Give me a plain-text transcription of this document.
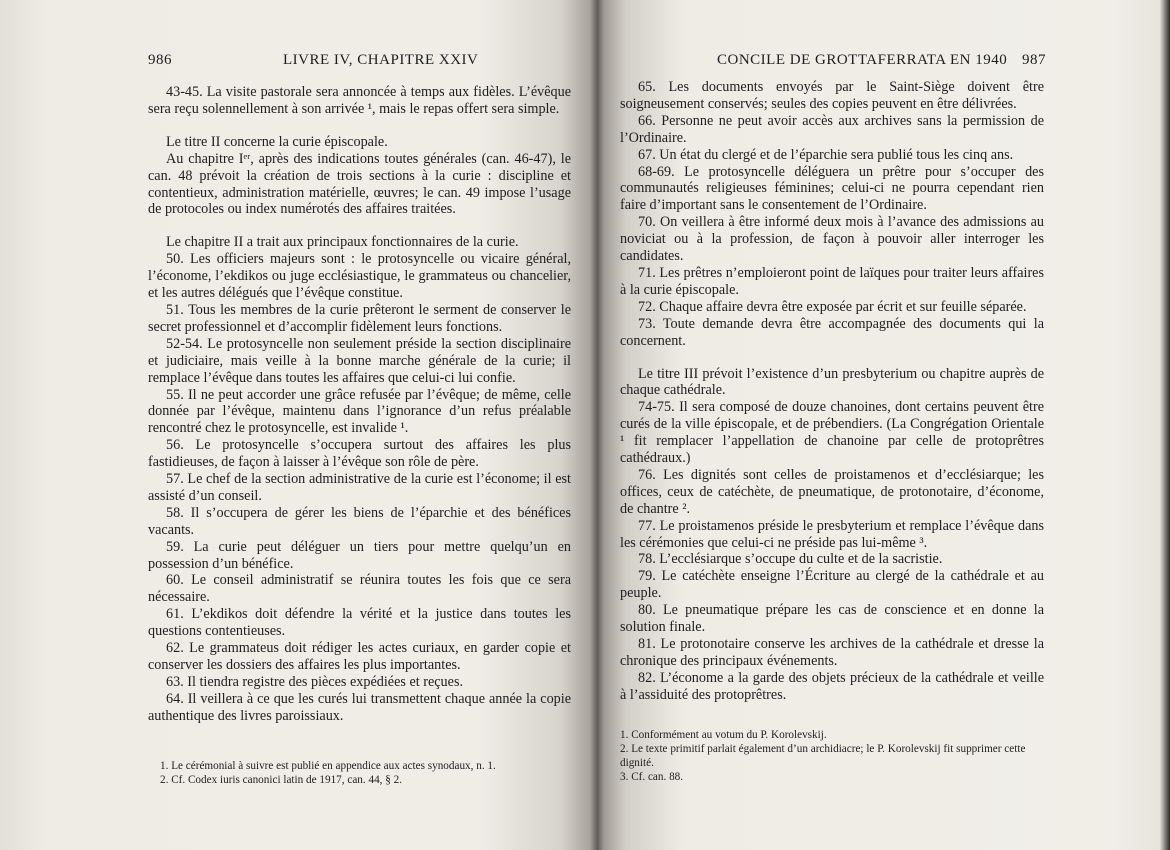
986	LIVRE IV, CHAPITRE XXIV

43-45. La visite pastorale sera annoncée à temps aux fidèles. L’évêque sera reçu solennellement à son arrivée ¹, mais le repas offert sera simple.

Le titre II concerne la curie épiscopale.

Au chapitre Iᵉʳ, après des indications toutes générales (can. 46-47), le can. 48 prévoit la création de trois sections à la curie : discipline et contentieux, administration matérielle, œuvres; le can. 49 impose l’usage de protocoles ou index numérotés des affaires traitées.

Le chapitre II a trait aux principaux fonctionnaires de la curie.

50. Les officiers majeurs sont : le protosyncelle ou vicaire général, l’économe, l’ekdikos ou juge ecclésiastique, le grammateus ou chancelier, et les autres délégués que l’évêque constitue.

51. Tous les membres de la curie prêteront le serment de conserver le secret professionnel et d’accomplir fidèlement leurs fonctions.

52-54. Le protosyncelle non seulement préside la section disciplinaire et judiciaire, mais veille à la bonne marche générale de la curie; il remplace l’évêque dans toutes les affaires que celui-ci lui confie.

55. Il ne peut accorder une grâce refusée par l’évêque; de même, celle donnée par l’évêque, maintenu dans l’ignorance d’un refus préalable rencontré chez le protosyncelle, est invalide ¹.

56. Le protosyncelle s’occupera surtout des affaires les plus fastidieuses, de façon à laisser à l’évêque son rôle de père.

57. Le chef de la section administrative de la curie est l’économe; il est assisté d’un conseil.

58. Il s’occupera de gérer les biens de l’éparchie et des bénéfices vacants.

59. La curie peut déléguer un tiers pour mettre quelqu’un en possession d’un bénéfice.

60. Le conseil administratif se réunira toutes les fois que ce sera nécessaire.

61. L’ekdikos doit défendre la vérité et la justice dans toutes les questions contentieuses.

62. Le grammateus doit rédiger les actes curiaux, en garder copie et conserver les dossiers des affaires les plus importantes.

63. Il tiendra registre des pièces expédiées et reçues.

64. Il veillera à ce que les curés lui transmettent chaque année la copie authentique des livres paroissiaux.

1. Le cérémonial à suivre est publié en appendice aux actes synodaux, n. 1.
2. Cf. Codex iuris canonici latin de 1917, can. 44, § 2.
CONCILE DE GROTTAFERRATA EN 1940 987

65. Les documents envoyés par le Saint-Siège doivent être soigneusement conservés; seules des copies peuvent en être délivrées.

66. Personne ne peut avoir accès aux archives sans la permission de l’Ordinaire.

67. Un état du clergé et de l’éparchie sera publié tous les cinq ans.

68-69. Le protosyncelle déléguera un prêtre pour s’occuper des communautés religieuses féminines; celui-ci ne pourra cependant rien faire d’important sans le consentement de l’Ordinaire.

70. On veillera à être informé deux mois à l’avance des admissions au noviciat ou à la profession, de façon à pouvoir aller interroger les candidates.

71. Les prêtres n’emploieront point de laïques pour traiter leurs affaires à la curie épiscopale.

72. Chaque affaire devra être exposée par écrit et sur feuille séparée.

73. Toute demande devra être accompagnée des documents qui la concernent.

Le titre III prévoit l’existence d’un presbyterium ou chapitre auprès de chaque cathédrale.

74-75. Il sera composé de douze chanoines, dont certains peuvent être curés de la ville épiscopale, et de prébendiers. (La Congrégation Orientale ¹ fit remplacer l’appellation de chanoine par celle de protoprêtres cathédraux.)

76. Les dignités sont celles de proistamenos et d’ecclésiarque; les offices, ceux de catéchète, de pneumatique, de protonotaire, d’économe, de chantre ².

77. Le proistamenos préside le presbyterium et remplace l’évêque dans les cérémonies que celui-ci ne préside pas lui-même ³.

78. L’ecclésiarque s’occupe du culte et de la sacristie.

79. Le catéchète enseigne l’Écriture au clergé de la cathédrale et au peuple.

80. Le pneumatique prépare les cas de conscience et en donne la solution finale.

81. Le protonotaire conserve les archives de la cathédrale et dresse la chronique des principaux événements.

82. L’économe a la garde des objets précieux de la cathédrale et veille à l’assiduité des protoprêtres.

1. Conformément au votum du P. Korolevskij.
2. Le texte primitif parlait également d’un archidiacre; le P. Korolevskij fit supprimer cette dignité.
3. Cf. can. 88.
